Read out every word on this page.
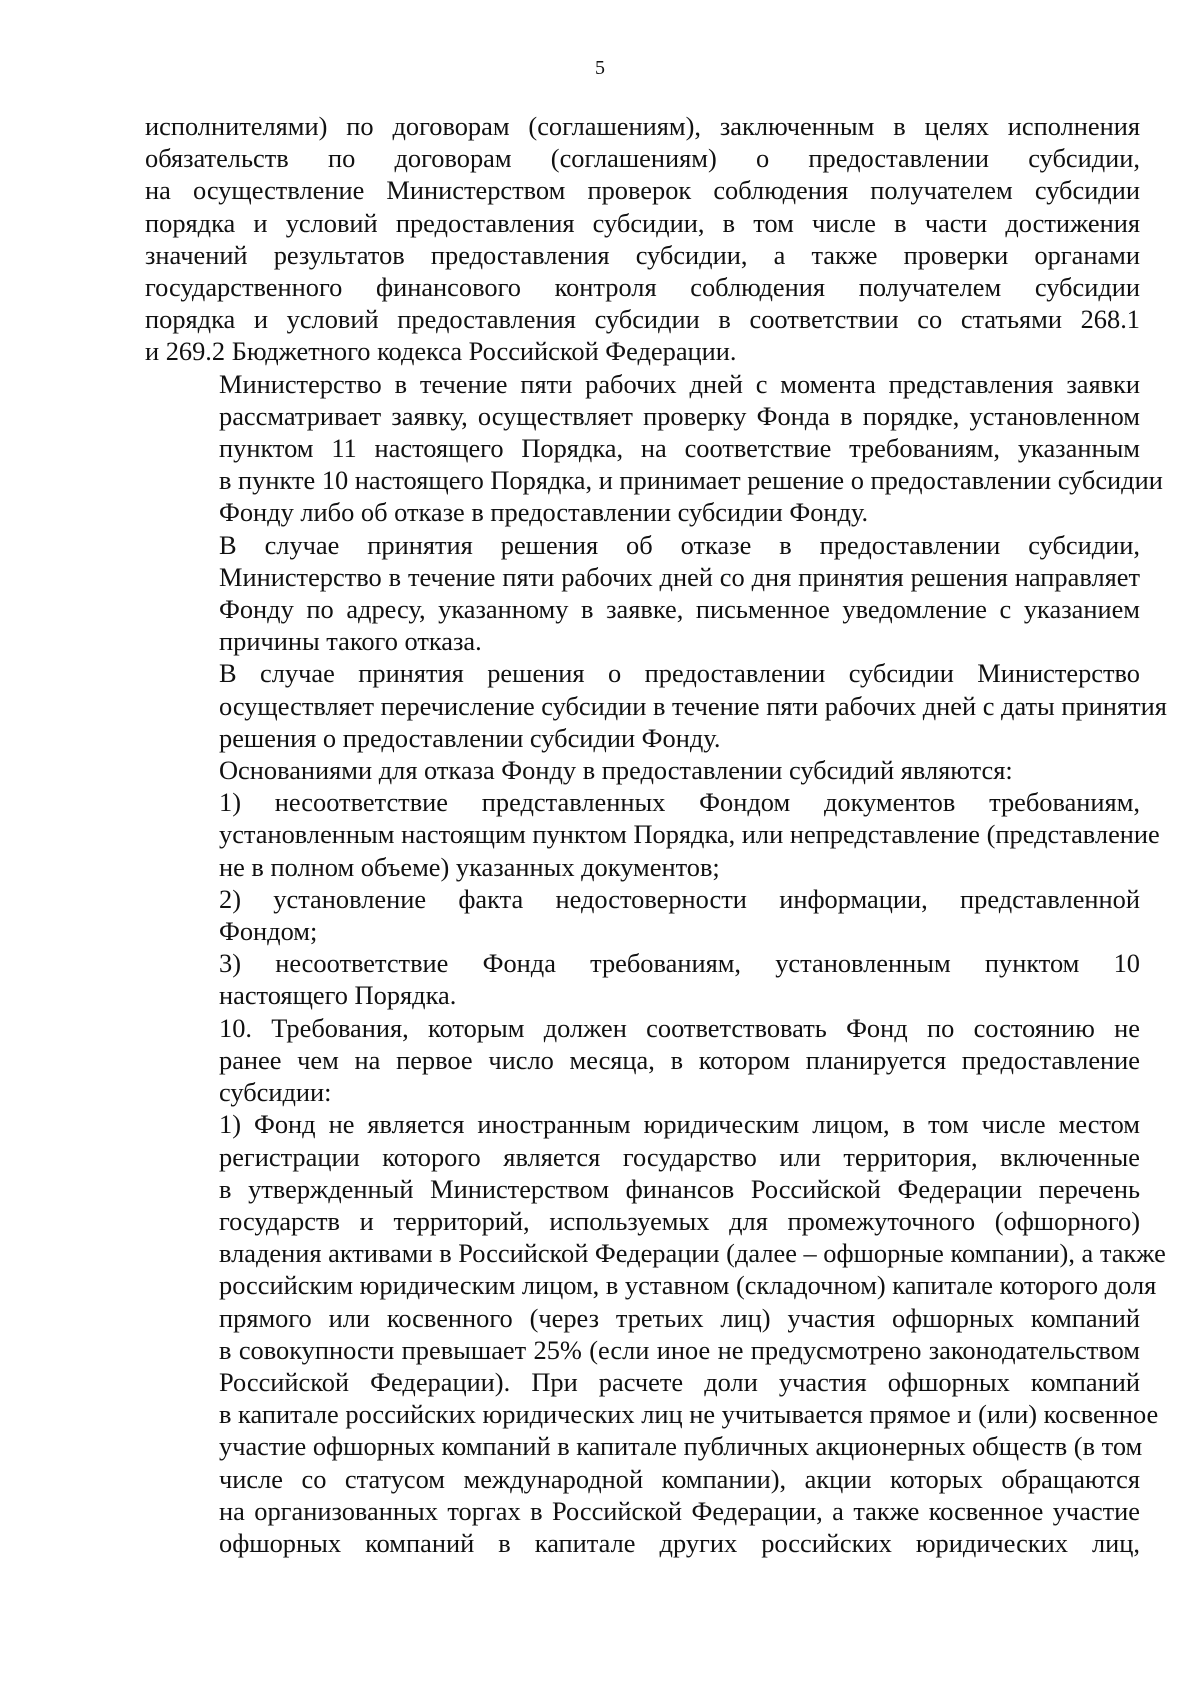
5

исполнителями) по договорам (соглашениям), заключенным в целях исполнения
обязательств по договорам (соглашениям) о предоставлении субсидии,
на осуществление Министерством проверок соблюдения получателем субсидии
порядка и условий предоставления субсидии, в том числе в части достижения
значений результатов предоставления субсидии, а также проверки органами
государственного финансового контроля соблюдения получателем субсидии
порядка и условий предоставления субсидии в соответствии со статьями 268.1
и 269.2 Бюджетного кодекса Российской Федерации.

Министерство в течение пяти рабочих дней с момента представления заявки
рассматривает заявку, осуществляет проверку Фонда в порядке, установленном
пунктом 11 настоящего Порядка, на соответствие требованиям, указанным
в пункте 10 настоящего Порядка, и принимает решение о предоставлении субсидии
Фонду либо об отказе в предоставлении субсидии Фонду.

В случае принятия решения об отказе в предоставлении субсидии,
Министерство в течение пяти рабочих дней со дня принятия решения направляет
Фонду по адресу, указанному в заявке, письменное уведомление с указанием
причины такого отказа.

В случае принятия решения о предоставлении субсидии Министерство
осуществляет перечисление субсидии в течение пяти рабочих дней с даты принятия
решения о предоставлении субсидии Фонду.

Основаниями для отказа Фонду в предоставлении субсидий являются:

1) несоответствие представленных Фондом документов требованиям,
установленным настоящим пунктом Порядка, или непредставление (представление
не в полном объеме) указанных документов;

2) установление факта недостоверности информации, представленной
Фондом;

3) несоответствие Фонда требованиям, установленным пунктом 10
настоящего Порядка.

10. Требования, которым должен соответствовать Фонд по состоянию не
ранее чем на первое число месяца, в котором планируется предоставление
субсидии:

1) Фонд не является иностранным юридическим лицом, в том числе местом
регистрации которого является государство или территория, включенные
в утвержденный Министерством финансов Российской Федерации перечень
государств и территорий, используемых для промежуточного (офшорного)
владения активами в Российской Федерации (далее – офшорные компании), а также
российским юридическим лицом, в уставном (складочном) капитале которого доля
прямого или косвенного (через третьих лиц) участия офшорных компаний
в совокупности превышает 25% (если иное не предусмотрено законодательством
Российской Федерации). При расчете доли участия офшорных компаний
в капитале российских юридических лиц не учитывается прямое и (или) косвенное
участие офшорных компаний в капитале публичных акционерных обществ (в том
числе со статусом международной компании), акции которых обращаются
на организованных торгах в Российской Федерации, а также косвенное участие
офшорных компаний в капитале других российских юридических лиц,
